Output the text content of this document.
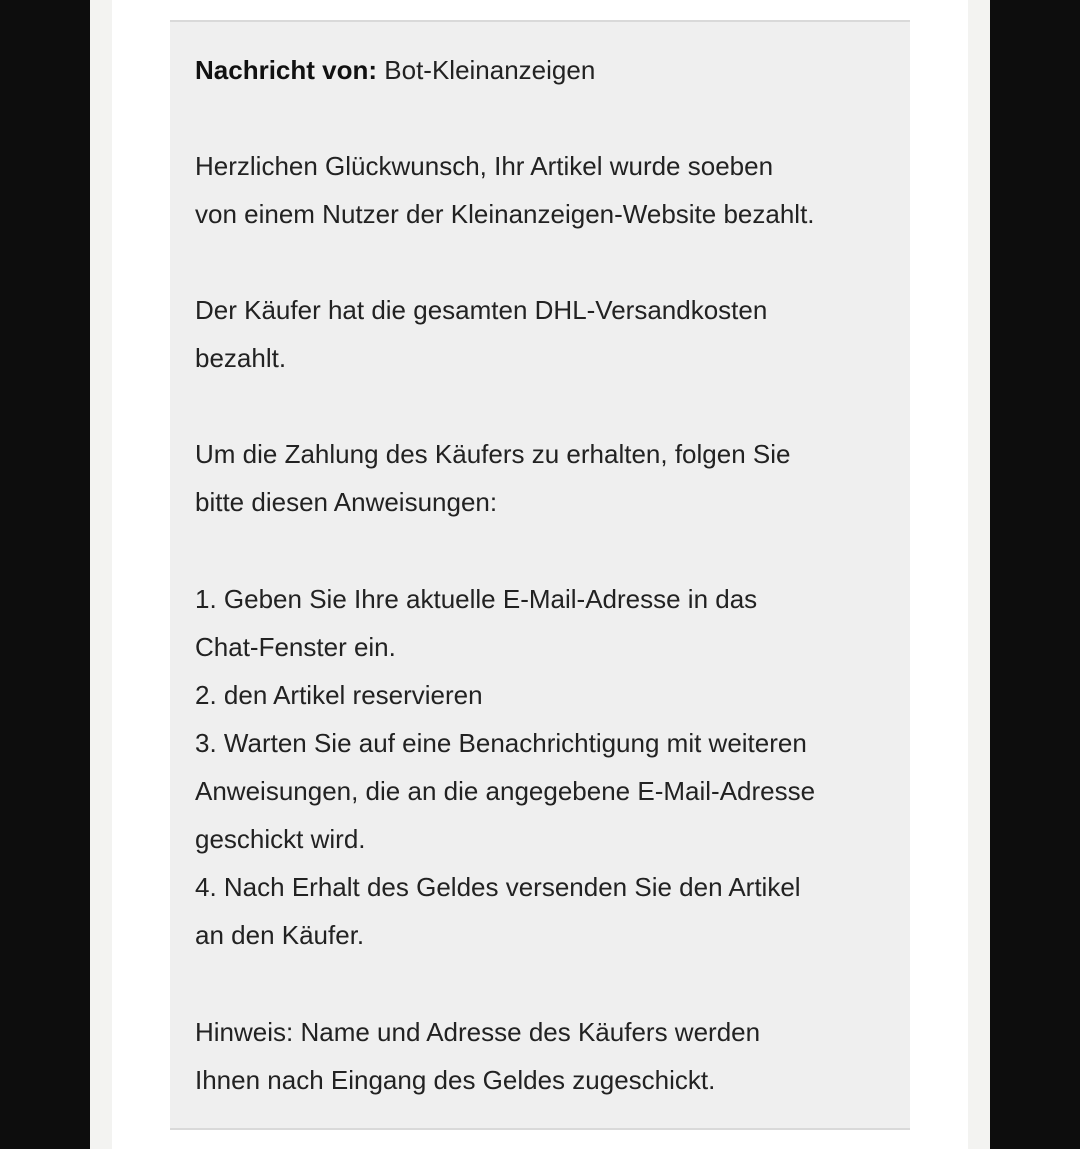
Nachricht von: Bot-Kleinanzeigen
Herzlichen Glückwunsch, Ihr Artikel wurde soeben
von einem Nutzer der Kleinanzeigen-Website bezahlt.
Der Käufer hat die gesamten DHL-Versandkosten
bezahlt.
Um die Zahlung des Käufers zu erhalten, folgen Sie
bitte diesen Anweisungen:
1. Geben Sie Ihre aktuelle E-Mail-Adresse in das
Chat-Fenster ein.
2. den Artikel reservieren
3. Warten Sie auf eine Benachrichtigung mit weiteren
Anweisungen, die an die angegebene E-Mail-Adresse
geschickt wird.
4. Nach Erhalt des Geldes versenden Sie den Artikel
an den Käufer.
Hinweis: Name und Adresse des Käufers werden
Ihnen nach Eingang des Geldes zugeschickt.
